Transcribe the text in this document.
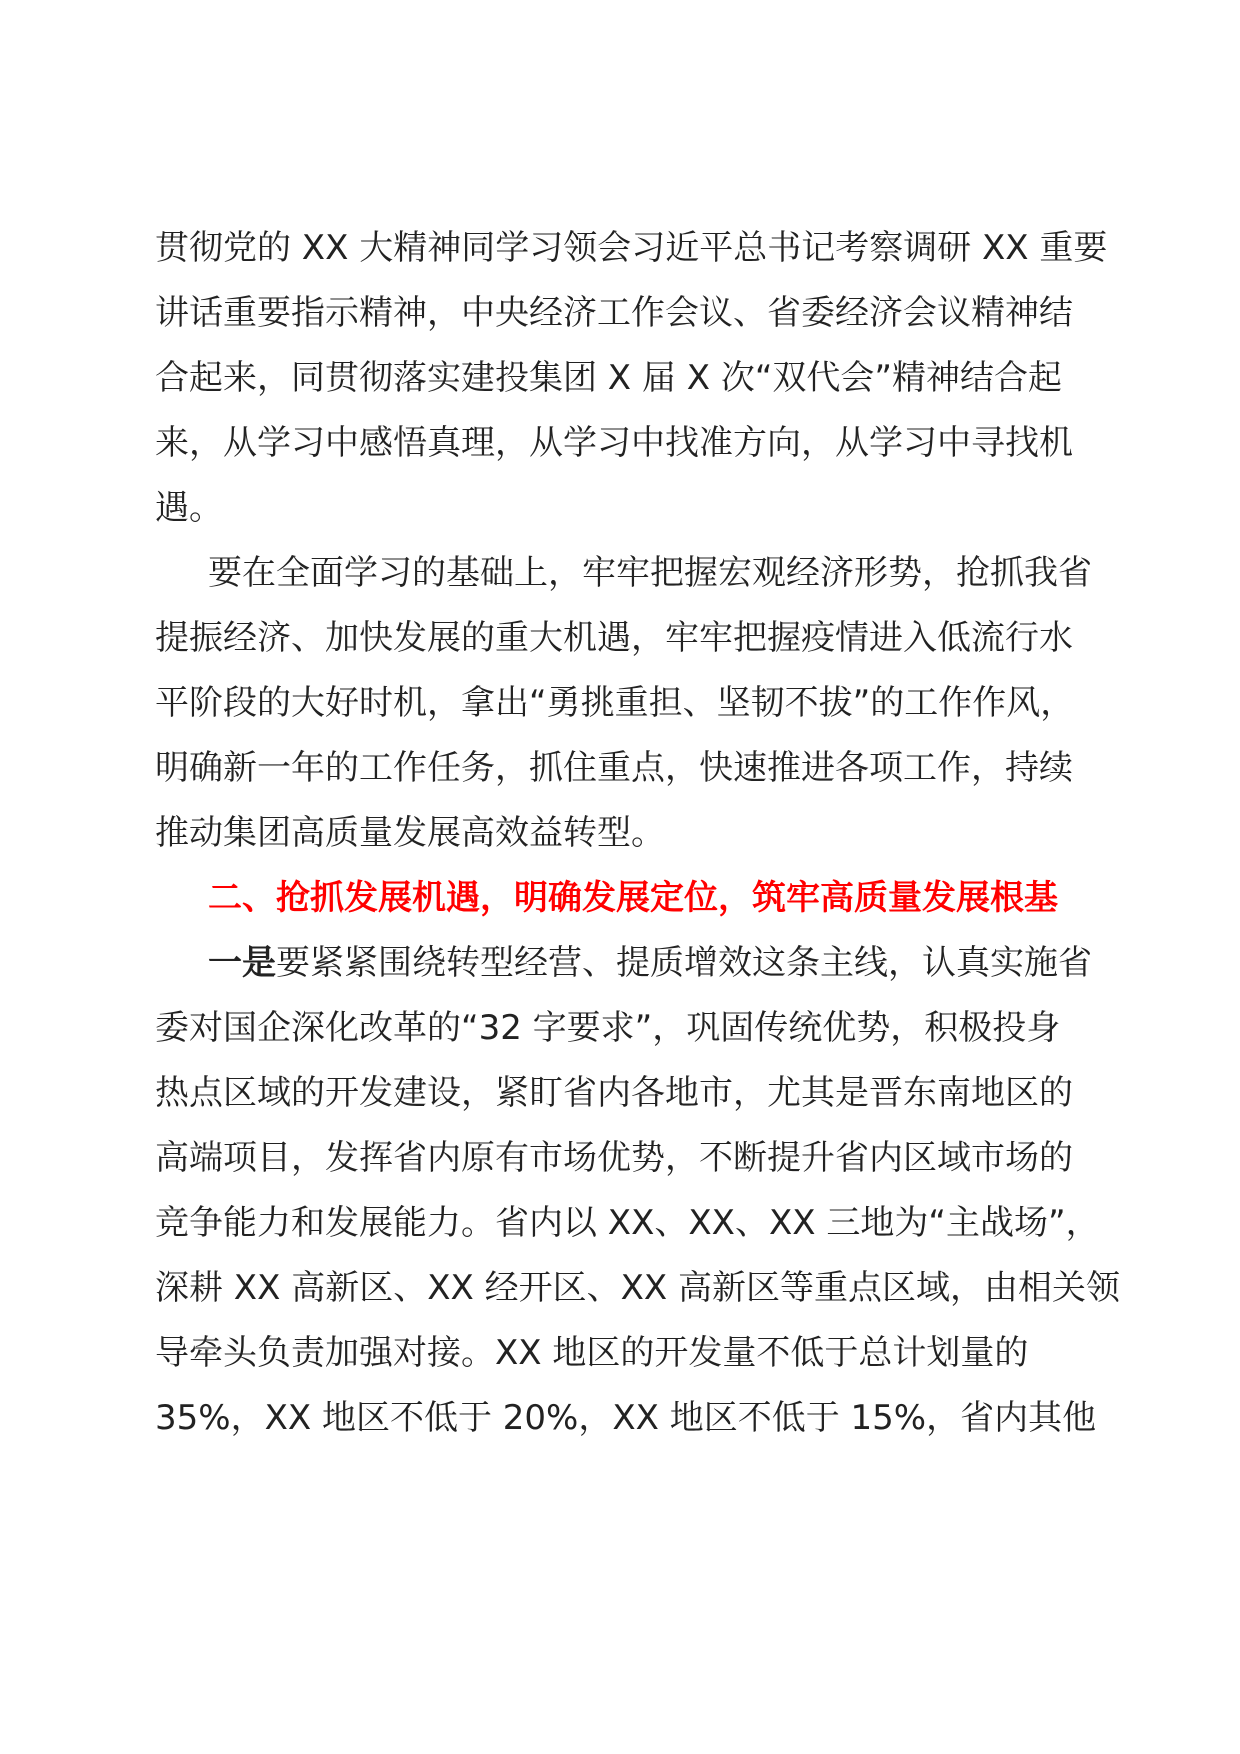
贯彻党的 XX 大精神同学习领会习近平总书记考察调研 XX 重要
讲话重要指示精神，中央经济工作会议、省委经济会议精神结
合起来，同贯彻落实建投集团 X 届 X 次“双代会”精神结合起
来，从学习中感悟真理，从学习中找准方向，从学习中寻找机
遇。
要在全面学习的基础上，牢牢把握宏观经济形势，抢抓我省
提振经济、加快发展的重大机遇，牢牢把握疫情进入低流行水
平阶段的大好时机，拿出“勇挑重担、坚韧不拔”的工作作风，
明确新一年的工作任务，抓住重点，快速推进各项工作，持续
推动集团高质量发展高效益转型。
二、抢抓发展机遇，明确发展定位，筑牢高质量发展根基
一是要紧紧围绕转型经营、提质增效这条主线，认真实施省
委对国企深化改革的“32 字要求”，巩固传统优势，积极投身
热点区域的开发建设，紧盯省内各地市，尤其是晋东南地区的
高端项目，发挥省内原有市场优势，不断提升省内区域市场的
竞争能力和发展能力。省内以 XX、XX、XX 三地为“主战场”，
深耕 XX 高新区、XX 经开区、XX 高新区等重点区域，由相关领
导牵头负责加强对接。XX 地区的开发量不低于总计划量的
35%，XX 地区不低于 20%，XX 地区不低于 15%，省内其他
